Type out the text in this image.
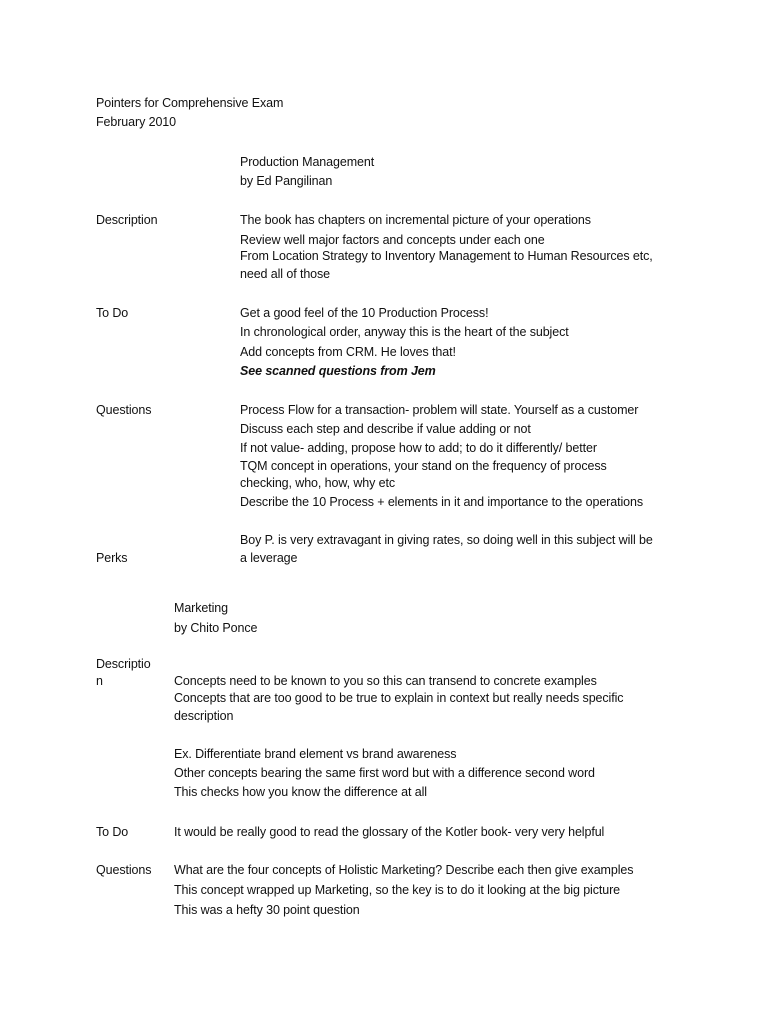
Pointers for Comprehensive Exam
February 2010
Production Management
by Ed Pangilinan
Description	The book has chapters on incremental picture of your operations
Review well major factors and concepts under each one
From Location Strategy to Inventory Management to Human Resources etc,
need all of those
To Do	Get a good feel of the 10 Production Process!
In chronological order, anyway this is the heart of the subject
Add concepts from CRM. He loves that!
See scanned questions from Jem
Questions	Process Flow for a transaction- problem will state. Yourself as a customer
Discuss each step and describe if value adding or not
If not value- adding, propose how to add; to do it differently/ better
TQM concept in operations, your stand on the frequency of process
checking, who, how, why etc
Describe the 10 Process + elements in it and importance to the operations
Boy P. is very extravagant in giving rates, so doing well in this subject will be
Perks	a leverage
Marketing
by Chito Ponce
Descriptio
n	Concepts need to be known to you so this can transend to concrete examples
Concepts that are too good to be true to explain in context but really needs specific
description
Ex. Differentiate brand element vs brand awareness
Other concepts bearing the same first word but with a difference second word
This checks how you know the difference at all
To Do	It would be really good to read the glossary of the Kotler book- very very helpful
Questions What are the four concepts of Holistic Marketing? Describe each then give examples
This concept wrapped up Marketing, so the key is to do it looking at the big picture
This was a hefty 30 point question
